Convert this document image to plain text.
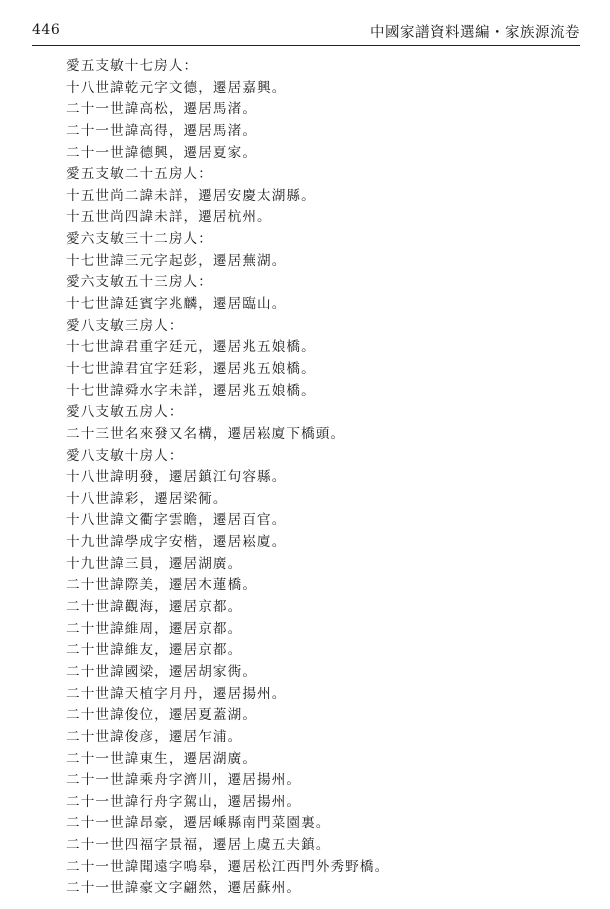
446	中國家譜資料選編・家族源流卷
愛五支敏十七房人：
十八世諱乾元字文德，遷居嘉興。
二十一世諱高松，遷居馬渚。
二十一世諱高得，遷居馬渚。
二十一世諱德興，遷居夏家。
愛五支敏二十五房人：
十五世尚二諱未詳，遷居安慶太湖縣。
十五世尚四諱未詳，遷居杭州。
愛六支敏三十二房人：
十七世諱三元字起彭，遷居蕪湖。
愛六支敏五十三房人：
十七世諱廷賓字兆麟，遷居臨山。
愛八支敏三房人：
十七世諱君重字廷元，遷居兆五娘橋。
十七世諱君宜字廷彩，遷居兆五娘橋。
十七世諱舜水字未詳，遷居兆五娘橋。
愛八支敏五房人：
二十三世名來發又名構，遷居崧廈下橋頭。
愛八支敏十房人：
十八世諱明發，遷居鎮江句容縣。
十八世諱彩，遷居梁衕。
十八世諱文衢字雲瞻，遷居百官。
十九世諱學成字安楷，遷居崧廈。
十九世諱三員，遷居湖廣。
二十世諱際美，遷居木蓮橋。
二十世諱觀海，遷居京都。
二十世諱維周，遷居京都。
二十世諱維友，遷居京都。
二十世諱國梁，遷居胡家衖。
二十世諱天植字月丹，遷居揚州。
二十世諱俊位，遷居夏蓋湖。
二十世諱俊彦，遷居乍浦。
二十一世諱東生，遷居湖廣。
二十一世諱乘舟字濟川，遷居揚州。
二十一世諱行舟字駕山，遷居揚州。
二十一世諱昂豪，遷居嵊縣南門菜園裏。
二十一世四福字景福，遷居上虞五夫鎮。
二十一世諱聞遠字鳴皋，遷居松江西門外秀野橋。
二十一世諱豪文字翩然，遷居蘇州。
